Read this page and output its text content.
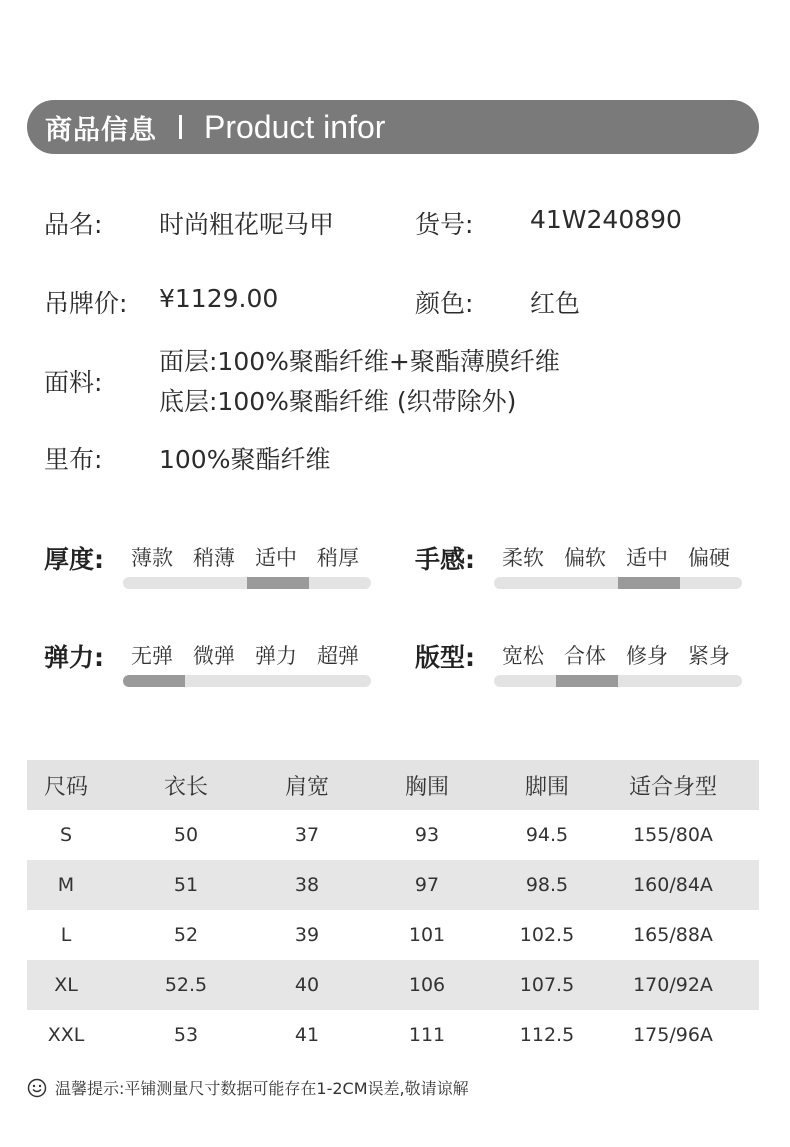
商品信息 Product infor
品名: 时尚粗花呢马甲	货号: 41W240890
吊牌价: ¥1129.00	颜色: 红色
面料:
面层:100%聚酯纤维+聚酯薄膜纤维
底层:100%聚酯纤维 (织带除外)
里布: 100%聚酯纤维
厚度: 薄款 稍薄 适中 稍厚 手感: 柔软 偏软 适中 偏硬
弹力: 无弹 微弹 弹力 超弹 版型: 宽松 合体 修身 紧身
尺码	衣长	肩宽	胸围	脚围	适合身型
S	50	37	93	94.5	155/80A
M	51	38	97	98.5	160/84A
L	52	39	101	102.5	165/88A
XL	52.5	40	106	107.5	170/92A
XXL	53	41	111	112.5	175/96A
温馨提示:平铺测量尺寸数据可能存在1-2CM误差,敬请谅解
